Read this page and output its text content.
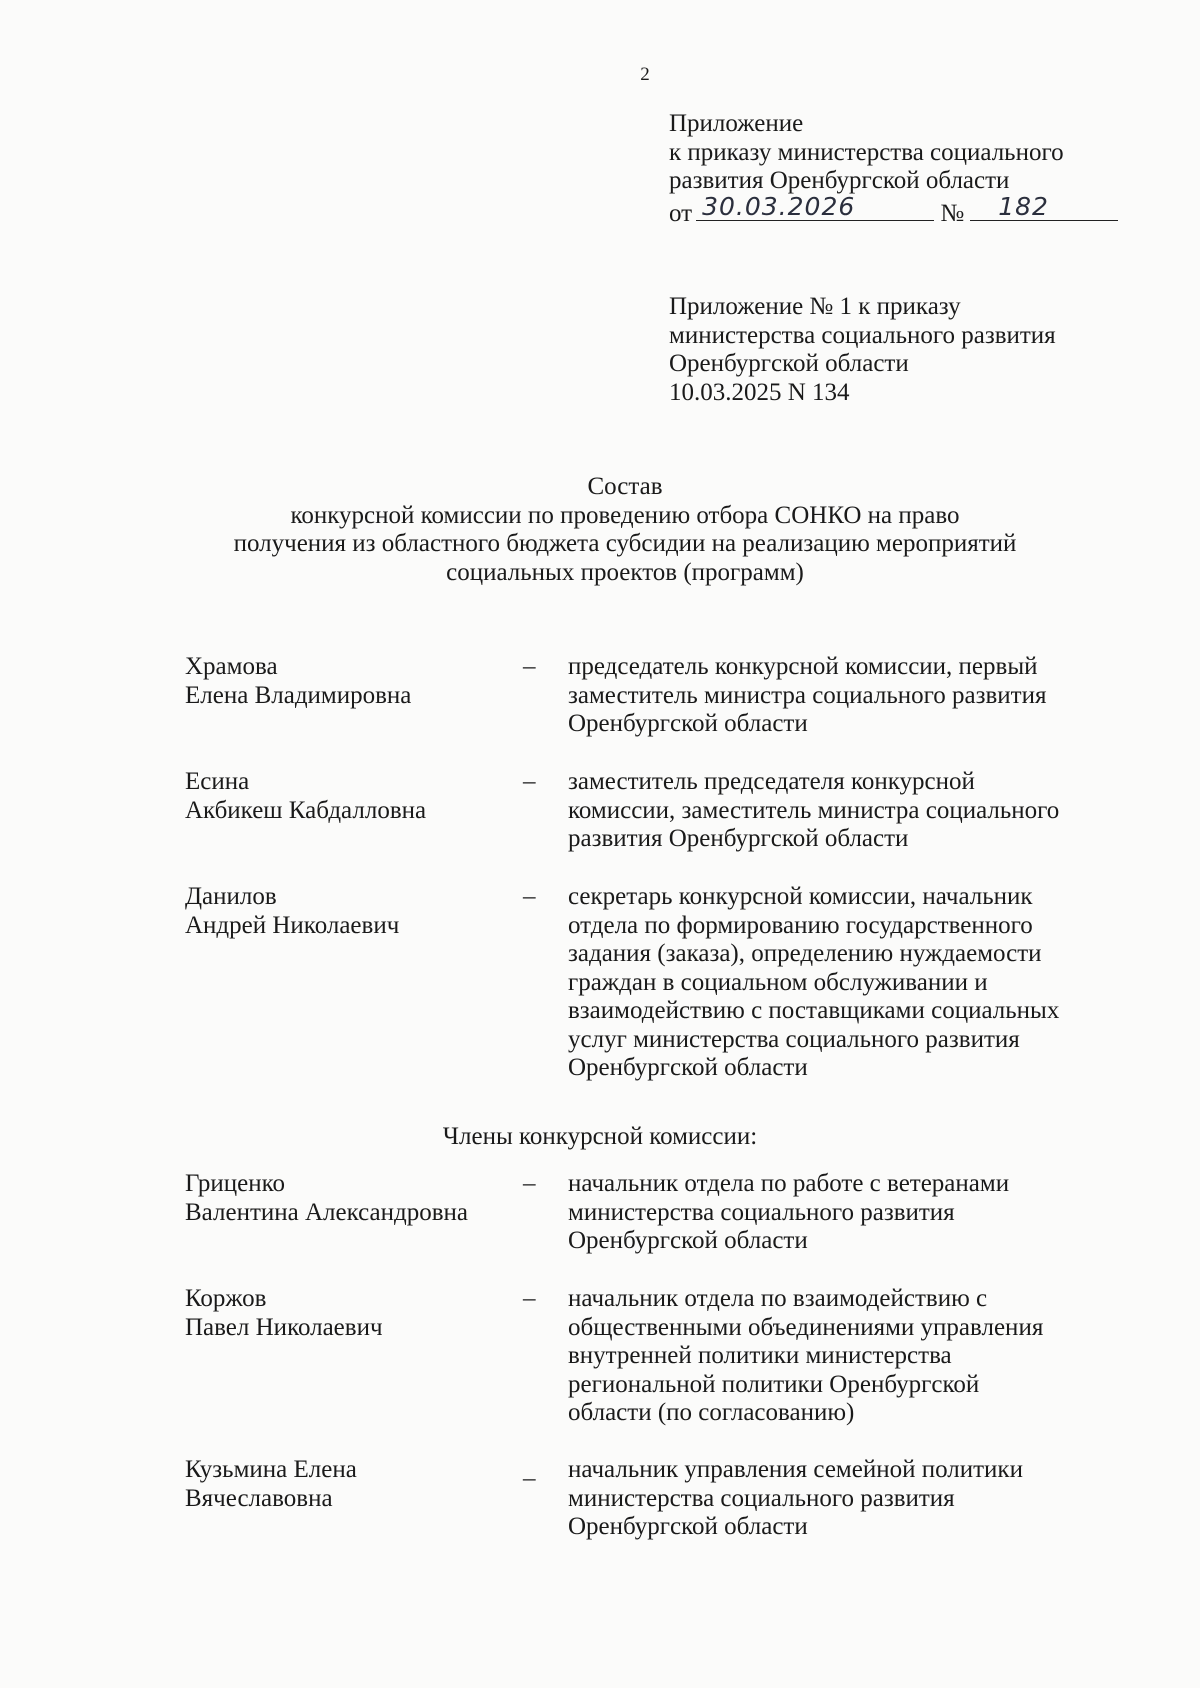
2
Приложение
к приказу министерства социального
развития Оренбургской области
от 30.03.2026	№ 182
Приложение № 1 к приказу
министерства социального развития
Оренбургской области
10.03.2025 N 134
Состав
конкурсной комиссии по проведению отбора СОНКО на право
получения из областного бюджета субсидии на реализацию мероприятий
социальных проектов (программ)
Храмова
Елена Владимировна
– председатель конкурсной комиссии, первый
заместитель министра социального развития
Оренбургской области
Есина
Акбикеш Кабдалловна
– заместитель председателя конкурсной
комиссии, заместитель министра социального
развития Оренбургской области
Данилов
Андрей Николаевич
– секретарь конкурсной комиссии, начальник
отдела по формированию государственного
задания (заказа), определению нуждаемости
граждан в социальном обслуживании и
взаимодействию с поставщиками социальных
услуг министерства социального развития
Оренбургской области
Члены конкурсной комиссии:
Гриценко
Валентина Александровна
– начальник отдела по работе с ветеранами
министерства социального развития
Оренбургской области
Коржов
Павел Николаевич
– начальник отдела по взаимодействию с
общественными объединениями управления
внутренней политики министерства
региональной политики Оренбургской
области (по согласованию)
Кузьмина Елена
Вячеславовна
_ начальник управления семейной политики
министерства социального развития
Оренбургской области
